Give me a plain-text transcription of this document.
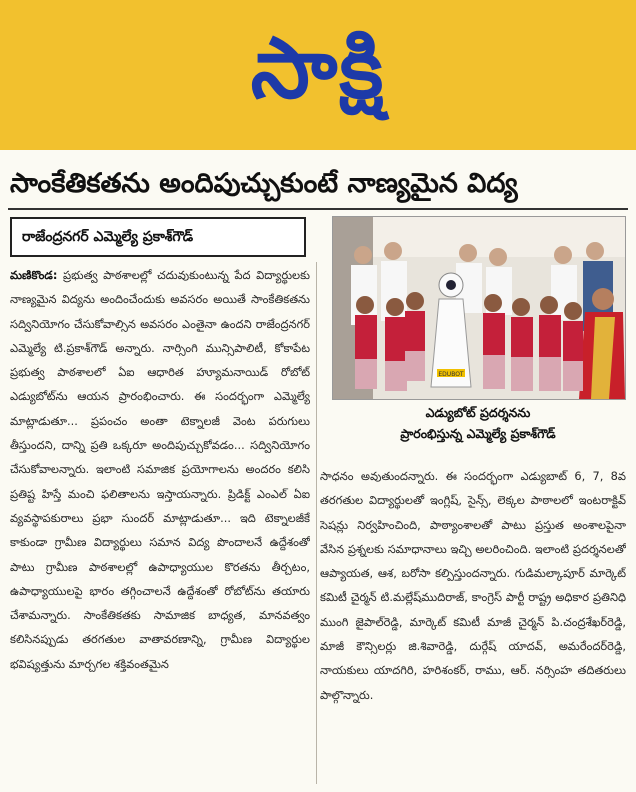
సాక్షి
సాంకేతికతను అందిపుచ్చుకుంటే నాణ్యమైన విద్య
రాజేంద్రనగర్ ఎమ్మెల్యే ప్రకాశ్‌గౌడ్
మణికొండ: ప్రభుత్వ పాఠశాలల్లో చదువుకుంటున్న పేద విద్యార్థులకు నాణ్యమైన విద్యను అందించేందుకు అవసరం అయితే సాంకేతికతను సద్వినియోగం చేసుకోవాల్సిన అవసరం ఎంతైనా ఉందని రాజేంద్రనగర్ ఎమ్మెల్యే టి.ప్రకాశ్‌గౌడ్ అన్నారు. నార్సింగి మున్సిపాలిటీ, కోకాపేట ప్రభుత్వ పాఠశాలలో ఏఐ ఆధారిత హ్యూమనాయిడ్ రోబోట్ ఎడ్యుబోట్‌ను ఆయన ప్రారంభించారు. ఈ సందర్భంగా ఎమ్మెల్యే మాట్లాడుతూ... ప్రపంచం అంతా టెక్నాలజీ వెంట పరుగులు తీస్తుందని, దాన్ని ప్రతి ఒక్కరూ అందిపుచ్చుకోవడం... సద్వినియోగం చేసుకోవాలన్నారు. ఇలాంటి సమాజిక ప్రయోగాలను అందరం కలిసి ప్రతిష్ట హిస్తే మంచి ఫలితాలను ఇస్తాయన్నారు. ప్రిడిక్ట్ ఎంఎల్ ఏఐ వ్యవస్థాపకురాలు ప్రభా సుందర్ మాట్లాడుతూ... ఇది టెక్నాలజీకే కాకుండా గ్రామీణ విద్యార్థులు సమాన విద్య పొందాలనే ఉద్దేశంతో పాటు గ్రామీణ పాఠశాలల్లో ఉపాధ్యాయుల కొరతను తీర్చటం, ఉపాధ్యాయులపై భారం తగ్గించాలనే ఉద్దేశంతో రోబోట్‌ను తయారు చేశామన్నారు. సాంకేతికతకు సామాజిక బాధ్యత, మానవత్వం కలిసినప్పుడు తరగతుల వాతావరణాన్ని, గ్రామీణ విద్యార్థుల భవిష్యత్తును మార్చగల శక్తివంతమైన
EDUBOT
ఎడ్యుబోట్ ప్రదర్శనను
ప్రారంభిస్తున్న ఎమ్మెల్యే ప్రకాశ్‌గౌడ్
సాధనం అవుతుందన్నారు. ఈ సందర్భంగా ఎడ్యుబాట్ 6, 7, 8వ తరగతుల విద్యార్థులతో ఇంగ్లిష్, సైన్స్, లెక్కల పాఠాలలో ఇంటరాక్టివ్ సెషన్లు నిర్వహించింది, పాఠ్యాంశాలతో పాటు ప్రస్తుత అంశాలపైనా వేసిన ప్రశ్నలకు సమాధానాలు ఇచ్చి అలరించింది. ఇలాంటి ప్రదర్శనలతో ఆప్యాయత, ఆశ, బరోసా కల్పిస్తుందన్నారు. గుడిమల్కాపూర్ మార్కెట్ కమిటీ చైర్మన్ టి.మల్లేష్‌ముదిరాజ్, కాంగ్రెస్ పార్టీ రాష్ట్ర అధికార ప్రతినిధి ముంగి జైపాల్‌రెడ్డి, మార్కెట్ కమిటీ మాజీ చైర్మన్ పి.చంద్రశేఖర్‌రెడ్డి, మాజీ కౌన్సిలర్లు జి.శివారెడ్డి, దుర్గేష్ యాదవ్, అమరేందర్‌రెడ్డి, నాయకులు యాదగిరి, హరిశంకర్, రాము, ఆర్. నర్సింహ తదితరులు పాల్గొన్నారు.
